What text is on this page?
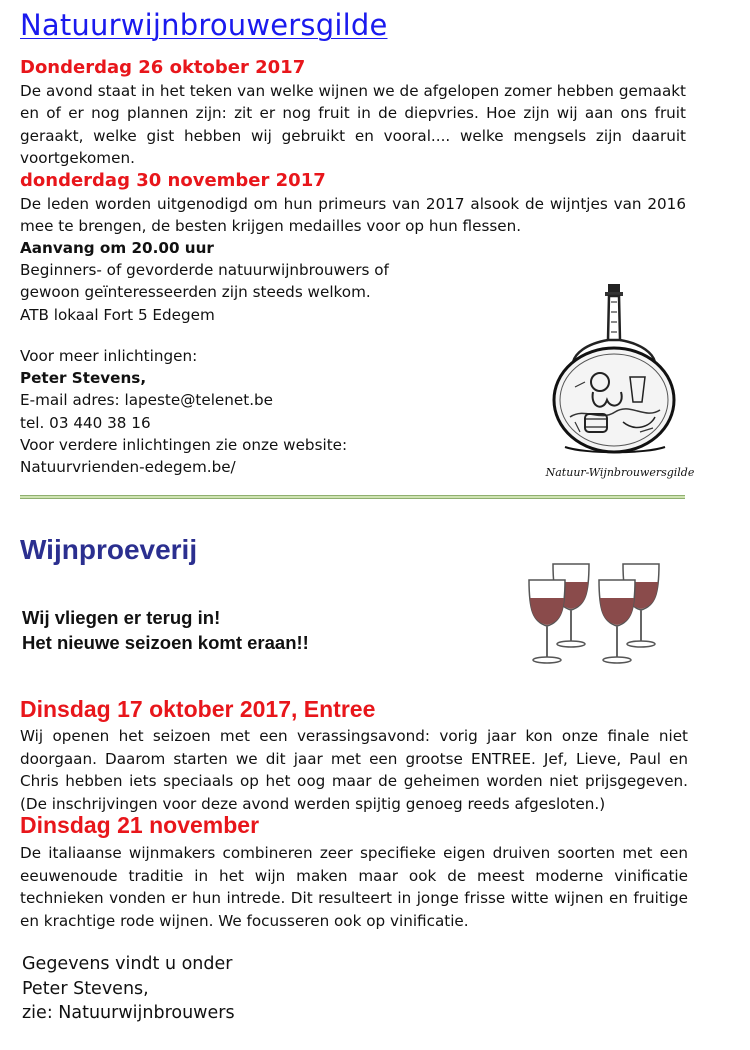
Natuurwijnbrouwersgilde
Donderdag 26 oktober 2017
De avond staat in het teken van welke wijnen we de afgelopen zomer hebben gemaakt en of er nog plannen zijn: zit er nog fruit in de diepvries. Hoe zijn wij aan ons fruit geraakt, welke gist hebben wij gebruikt en vooral.... welke mengsels zijn daaruit voortgekomen.
donderdag 30 november 2017
De leden worden uitgenodigd om hun primeurs van 2017 alsook de wijntjes van 2016 mee te brengen, de besten krijgen medailles voor op hun flessen.
Aanvang om 20.00 uur
Beginners- of gevorderde natuurwijnbrouwers of
gewoon geïnteresseerden zijn steeds welkom.
ATB lokaal Fort 5 Edegem
Voor meer inlichtingen:
Peter Stevens,
E-mail adres: lapeste@telenet.be
tel. 03 440 38 16
Voor verdere inlichtingen zie onze website:
Natuurvrienden-edegem.be/	Natuur-Wijnbrouwersgilde
Wijnproeverij
Wij vliegen er terug in!
Het nieuwe seizoen komt eraan!!
Dinsdag 17 oktober 2017, Entree
Wij openen het seizoen met een verassingsavond: vorig jaar kon onze finale niet doorgaan. Daarom starten we dit jaar met een grootse ENTREE. Jef, Lieve, Paul en Chris hebben iets speciaals op het oog maar de geheimen worden niet prijsgegeven. (De inschrijvingen voor deze avond werden spijtig genoeg reeds afgesloten.)
Dinsdag 21 november
De italiaanse wijnmakers combineren zeer specifieke eigen druiven soorten met een eeuwenoude traditie in het wijn maken maar ook de meest moderne vinificatie technieken vonden er hun intrede. Dit resulteert in jonge frisse witte wijnen en fruitige en krachtige rode wijnen. We focusseren ook op vinificatie.
Gegevens vindt u onder
Peter Stevens,
zie: Natuurwijnbrouwers
